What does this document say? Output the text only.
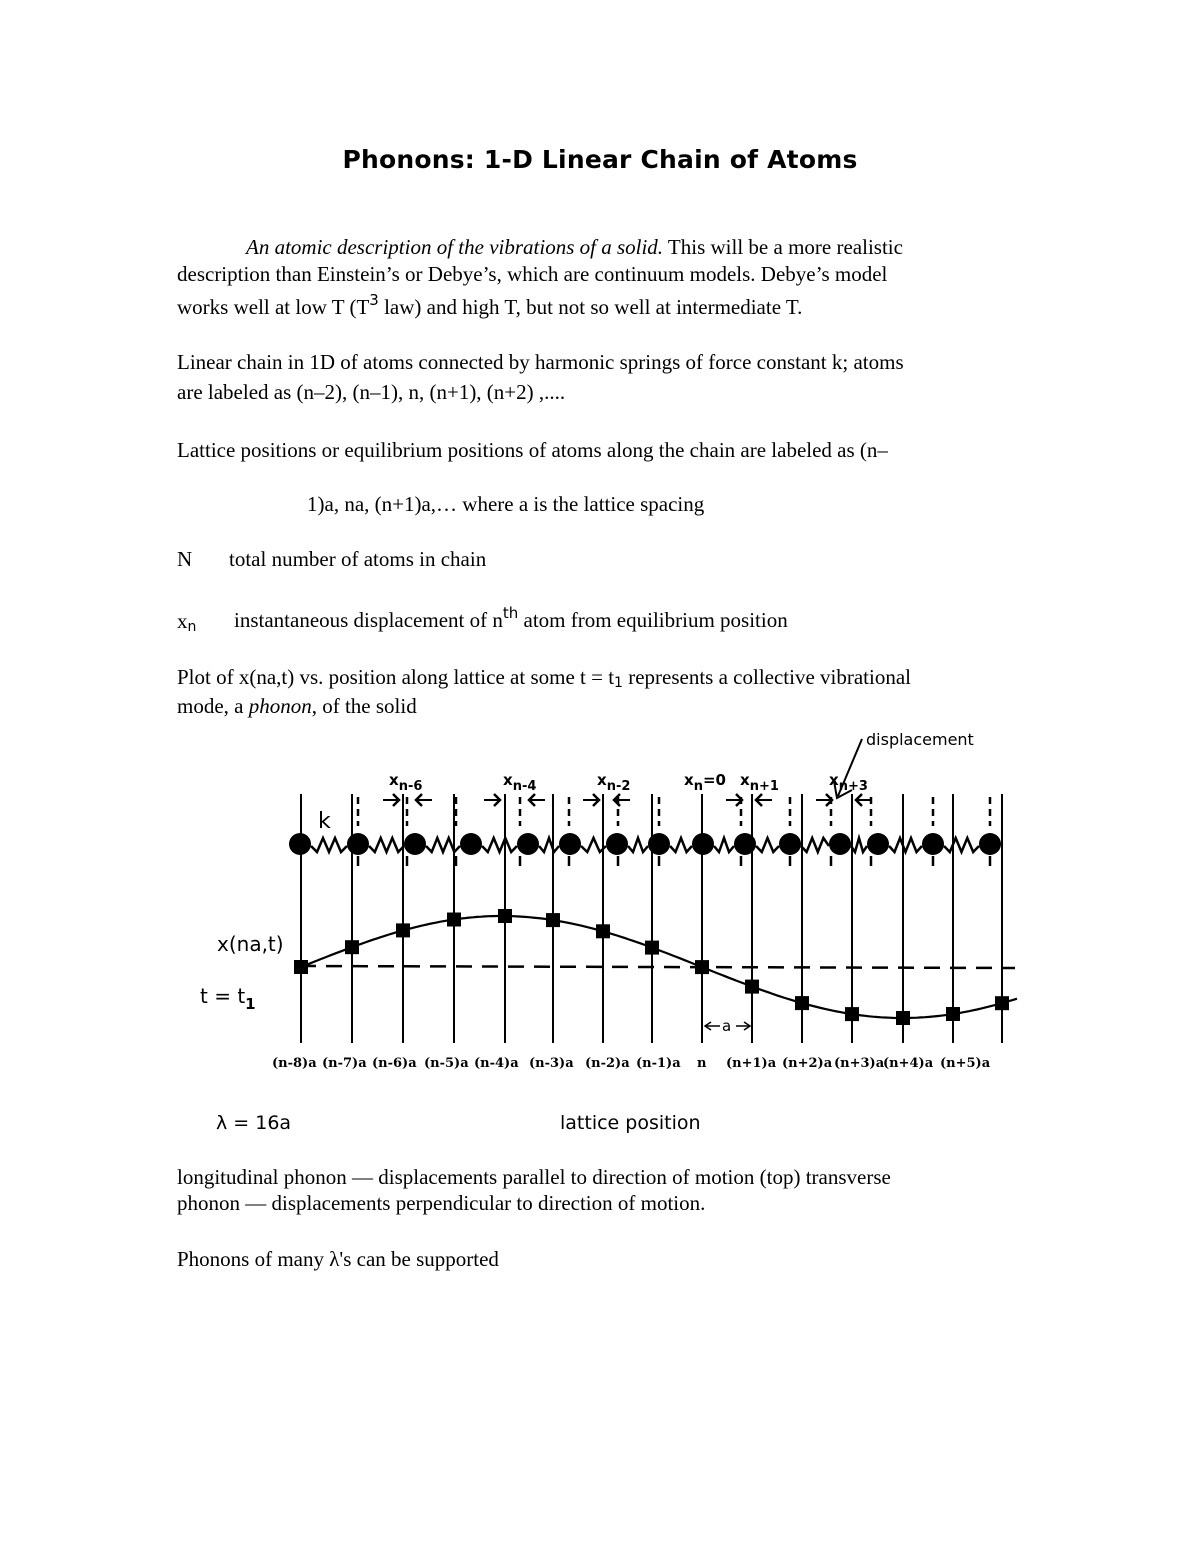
Phonons: 1-D Linear Chain of Atoms
An atomic description of the vibrations of a solid. This will be a more realistic
description than Einstein’s or Debye’s, which are continuum models. Debye’s model
works well at low T ($T^3$ law) and high T, but not so well at intermediate T.
Linear chain in 1D of atoms connected by harmonic springs of force constant k; atoms
are labeled as (n–2), (n–1), n, (n+1), (n+2) ,....
Lattice positions or equilibrium positions of atoms along the chain are labeled as (n–
1)a, na, (n+1)a,… where a is the lattice spacing
N total number of atoms in chain
$x_n$ instantaneous displacement of $n^{th}$ atom from equilibrium position
Plot of x(na,t) vs. position along lattice at some $t = t_1$ represents a collective vibrational
mode, a phonon, of the solid
displacement
k
xn-6	xn-4	xn-2	xn=0 xn+1	xn+3
x(na,t)
$t = t_1$
a
(n-8)a (n-7)a (n-6)a (n-5)a (n-4)a (n-3)a (n-2)a (n-1)a n (n+1)a (n+2)a (n+3)a
(n+4)a (n+5)a
λ = 16a	lattice position
longitudinal phonon — displacements parallel to direction of motion (top) transverse
phonon — displacements perpendicular to direction of motion.
Phonons of many λ's can be supported
